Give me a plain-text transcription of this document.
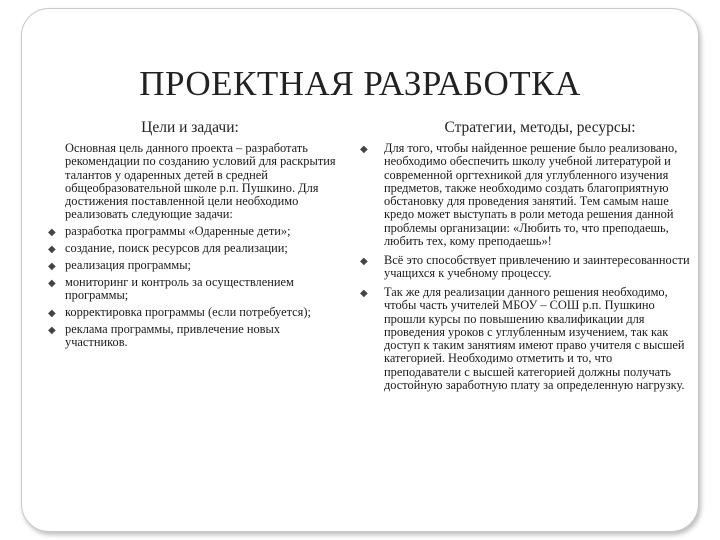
ПРОЕКТНАЯ РАЗРАБОТКА
Цели и задачи:	Стратегии, методы, ресурсы:

Основная цель данного проекта – разработать рекомендации по созданию условий для раскрытия талантов у одаренных детей в средней общеобразовательной школе р.п. Пушкино. Для достижения поставленной цели необходимо реализовать следующие задачи:

◆ разработка программы «Одаренные дети»;
◆ создание, поиск ресурсов для реализации;
◆ реализация программы;
◆ мониторинг и контроль за осуществлением программы;
◆ корректировка программы (если потребуется);
◆ реклама программы, привлечение новых участников.
◆ Для того, чтобы найденное решение было реализовано, необходимо обеспечить школу учебной литературой и современной оргтехникой для углубленного изучения предметов, также необходимо создать благоприятную обстановку для проведения занятий. Тем самым наше кредо может выступать в роли метода решения данной проблемы организации: «Любить то, что преподаешь, любить тех, кому преподаешь»!
◆ Всё это способствует привлечению и заинтересованности учащихся к учебному процессу.
◆ Так же для реализации данного решения необходимо, чтобы часть учителей МБОУ – СОШ р.п. Пушкино прошли курсы по повышению квалификации для проведения уроков с углубленным изучением, так как доступ к таким занятиям имеют право учителя с высшей категорией. Необходимо отметить и то, что преподаватели с высшей категорией должны получать достойную заработную плату за определенную нагрузку.
